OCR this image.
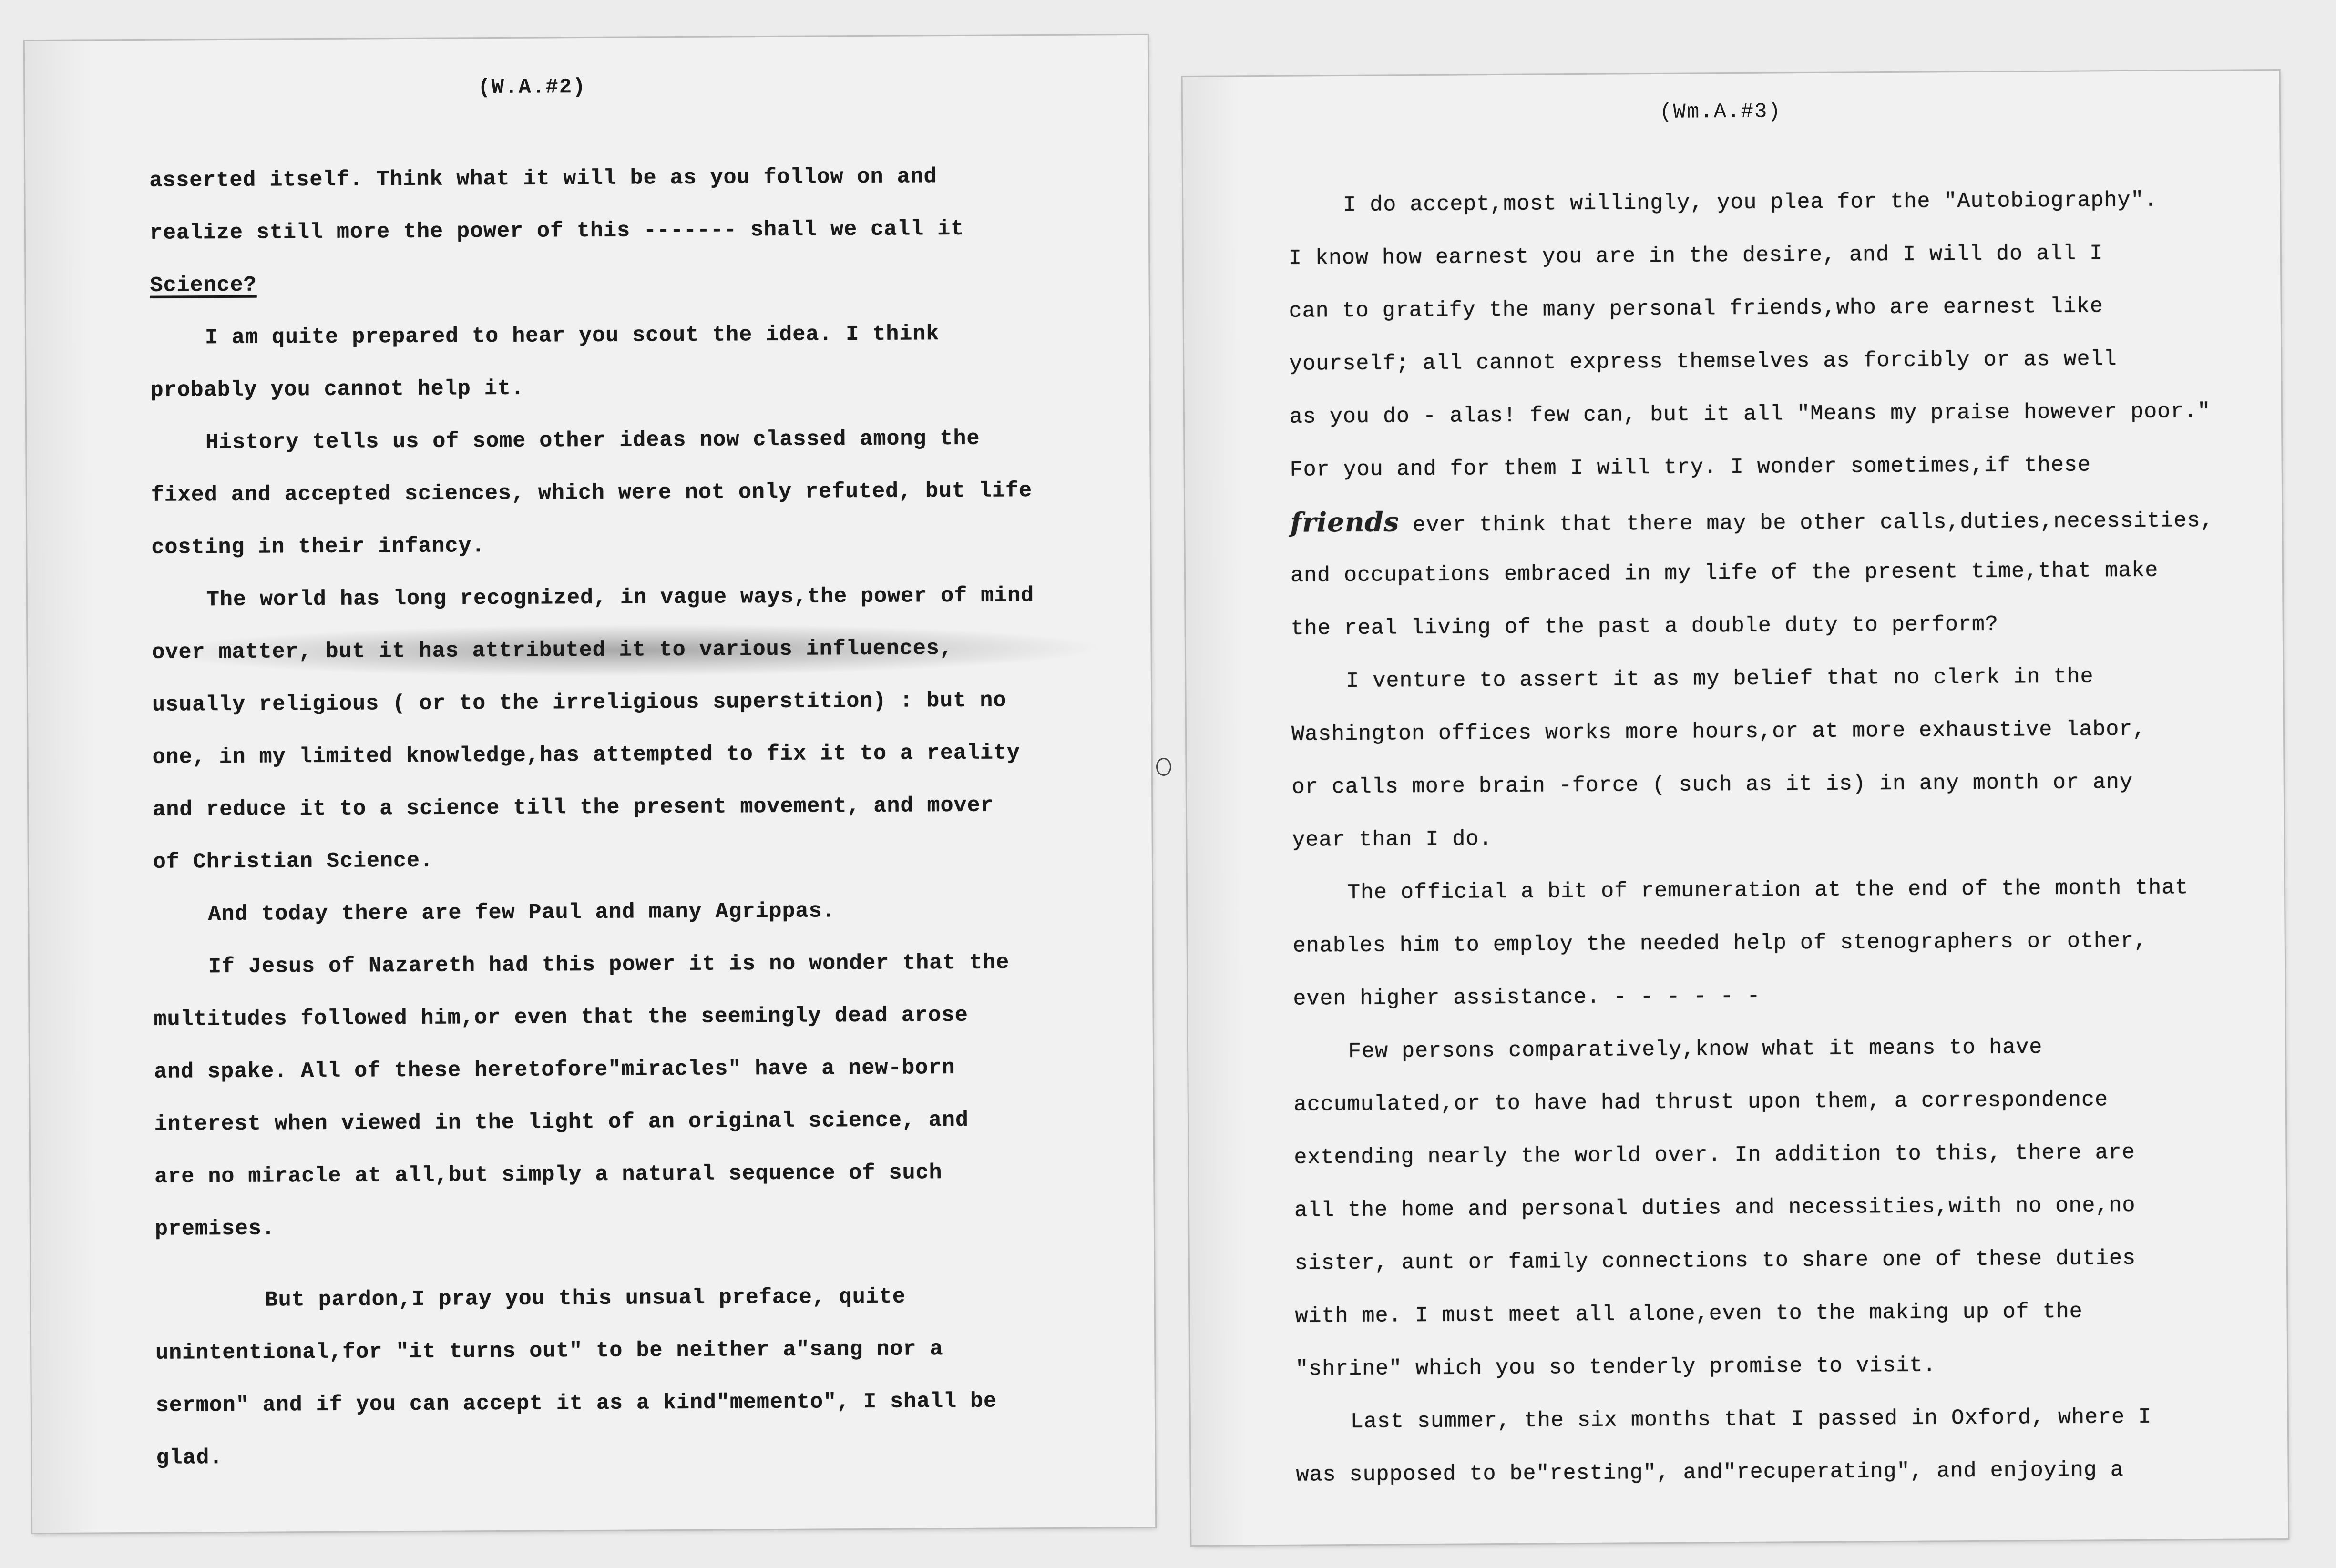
(W.A.#2)
asserted itself. Think what it will be as you follow on and
realize still more the power of this ------- shall we call it
Science?
I am quite prepared to hear you scout the idea. I think
probably you cannot help it.
History tells us of some other ideas now classed among the
fixed and accepted sciences, which were not only refuted, but life
costing in their infancy.
The world has long recognized, in vague ways,the power of mind
over matter, but it has attributed it to various influences,
usually religious ( or to the irreligious superstition) : but no
one, in my limited knowledge,has attempted to fix it to a reality
and reduce it to a science till the present movement, and mover
of Christian Science.
And today there are few Paul and many Agrippas.
If Jesus of Nazareth had this power it is no wonder that the
multitudes followed him,or even that the seemingly dead arose
and spake. All of these heretofore"miracles" have a new-born
interest when viewed in the light of an original science, and
are no miracle at all,but simply a natural sequence of such
premises.
But pardon,I pray you this unsual preface, quite
unintentional,for "it turns out" to be neither a"sang nor a
sermon" and if you can accept it as a kind"memento", I shall be
glad.
(Wm.A.#3)
I do accept,most willingly, you plea for the "Autobiography".
I know how earnest you are in the desire, and I will do all I
can to gratify the many personal friends,who are earnest like
yourself; all cannot express themselves as forcibly or as well
as you do - alas! few can, but it all "Means my praise however poor."
For you and for them I will try. I wonder sometimes,if these
friends ever think that there may be other calls,duties,necessities,
and occupations embraced in my life of the present time,that make
the real living of the past a double duty to perform?
I venture to assert it as my belief that no clerk in the
Washington offices works more hours,or at more exhaustive labor,
or calls more brain -force ( such as it is) in any month or any
year than I do.
The official a bit of remuneration at the end of the month that
enables him to employ the needed help of stenographers or other,
even higher assistance. - - - - - -
Few persons comparatively,know what it means to have
accumulated,or to have had thrust upon them, a correspondence
extending nearly the world over. In addition to this, there are
all the home and personal duties and necessities,with no one,no
sister, aunt or family connections to share one of these duties
with me. I must meet all alone,even to the making up of the
"shrine" which you so tenderly promise to visit.
Last summer, the six months that I passed in Oxford, where I
was supposed to be"resting", and"recuperating", and enjoying a
